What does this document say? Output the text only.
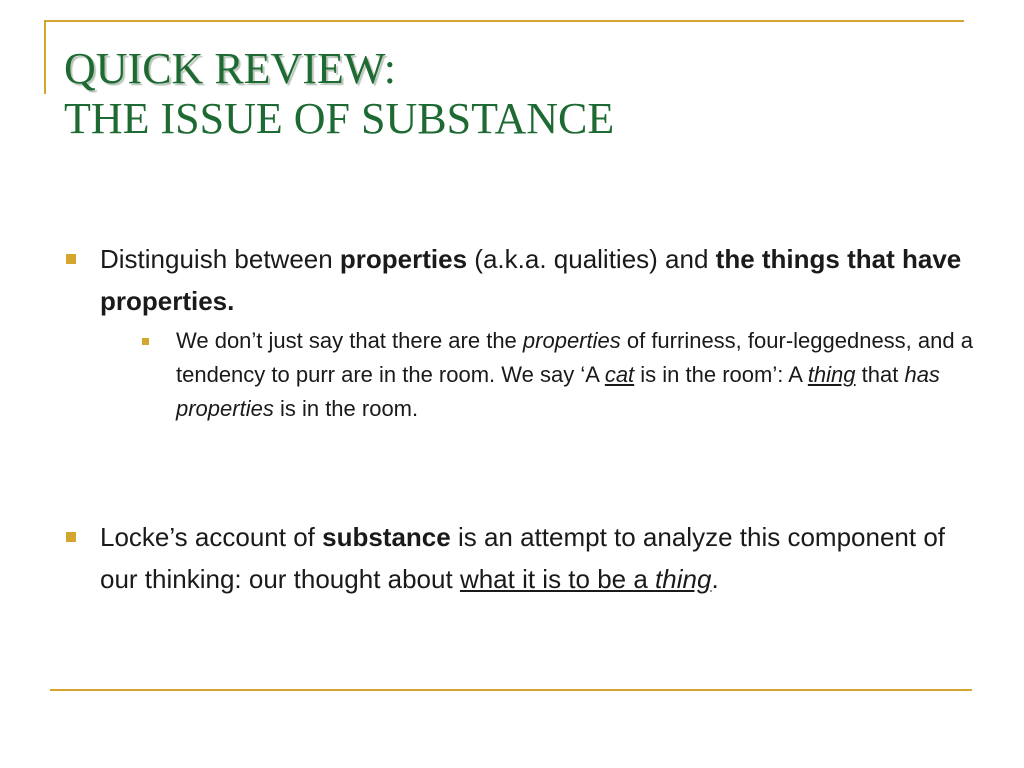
QUICK REVIEW:
THE ISSUE OF SUBSTANCE
Distinguish between properties (a.k.a. qualities) and the things that have properties.
We don’t just say that there are the properties of furriness, four-leggedness, and a tendency to purr are in the room. We say ‘A cat is in the room’: A thing that has properties is in the room.
Locke’s account of substance is an attempt to analyze this component of our thinking: our thought about what it is to be a thing.
